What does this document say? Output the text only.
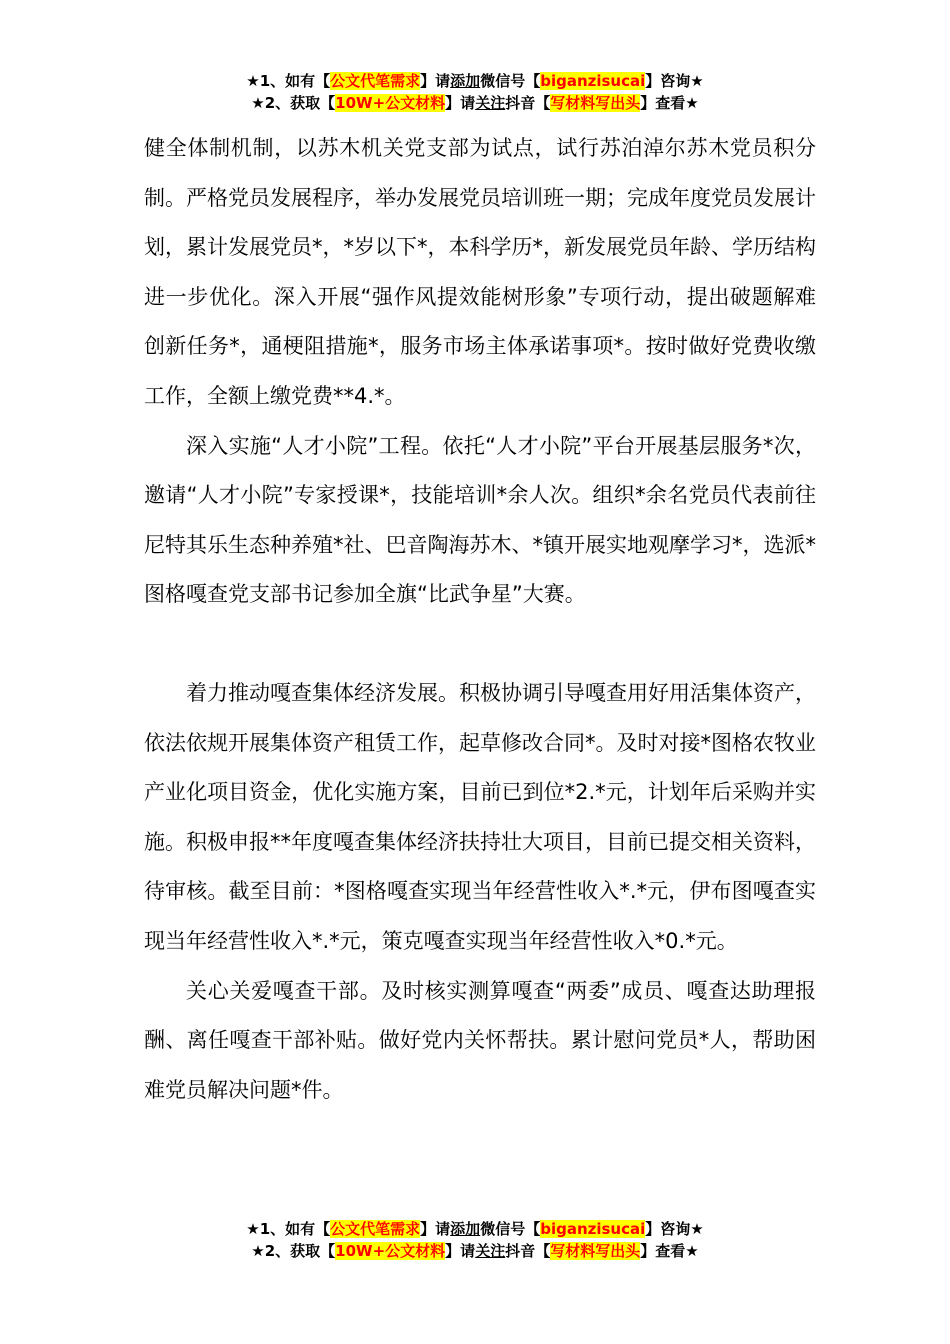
★1、如有【公文代笔需求】请添加微信号【biganzisucai】咨询★
★2、获取【10W+公文材料】请关注抖音【写材料写出头】查看★

健全体制机制，以苏木机关党支部为试点，试行苏泊淖尔苏木党员积分制。严格党员发展程序，举办发展党员培训班一期；完成年度党员发展计划，累计发展党员*，*岁以下*，本科学历*，新发展党员年龄、学历结构进一步优化。深入开展“强作风提效能树形象”专项行动，提出破题解难创新任务*，通梗阻措施*，服务市场主体承诺事项*。按时做好党费收缴工作，全额上缴党费**4.*。

深入实施“人才小院”工程。依托“人才小院”平台开展基层服务*次， 邀请“人才小院”专家授课*，技能培训*余人次。组织*余名党员代表前往尼特其乐生态种养殖*社、巴音陶海苏木、*镇开展实地观摩学习*，选派*图格嘎查党支部书记参加全旗“比武争星”大赛。

着力推动嘎查集体经济发展。积极协调引导嘎查用好用活集体资产，依法依规开展集体资产租赁工作，起草修改合同*。及时对接*图格农牧业产业化项目资金，优化实施方案，目前已到位*2.*元，计划年后采购并实施。积极申报**年度嘎查集体经济扶持壮大项目，目前已提交相关资料，待审核。截至目前：*图格嘎查实现当年经营性收入*.*元，伊布图嘎查实现当年经营性收入*.*元，策克嘎查实现当年经营性收入*0.*元。

关心关爱嘎查干部。及时核实测算嘎查“两委”成员、嘎查达助理报酬、离任嘎查干部补贴。做好党内关怀帮扶。累计慰问党员*人，帮助困难党员解决问题*件。

★1、如有【公文代笔需求】请添加微信号【biganzisucai】咨询★
★2、获取【10W+公文材料】请关注抖音【写材料写出头】查看★
